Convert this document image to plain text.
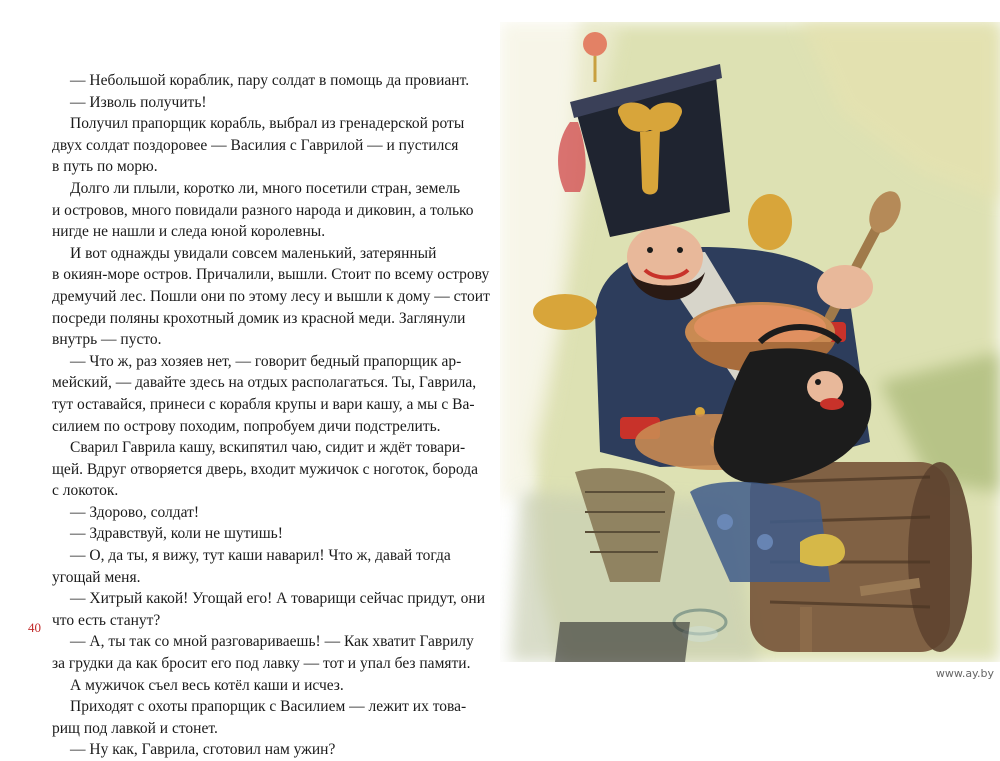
— Небольшой кораблик, пару солдат в помощь да провиант.

— Изволь получить!

Получил прапорщик корабль, выбрал из гренадерской роты

двух солдат поздоровее — Василия с Гаврилой — и пустился

в путь по морю.

Долго ли плыли, коротко ли, много посетили стран, земель

и островов, много повидали разного народа и диковин, а только

нигде не нашли и следа юной королевны.

И вот однажды увидали совсем маленький, затерянный

в окиян-море остров. Причалили, вышли. Стоит по всему острову

дремучий лес. Пошли они по этому лесу и вышли к дому — стоит

посреди поляны крохотный домик из красной меди. Заглянули

внутрь — пусто.

— Что ж, раз хозяев нет, — говорит бедный прапорщик ар-

мейский, — давайте здесь на отдых располагаться. Ты, Гаврила,

тут оставайся, принеси с корабля крупы и вари кашу, а мы с Ва-

силием по острову походим, попробуем дичи подстрелить.

Сварил Гаврила кашу, вскипятил чаю, сидит и ждёт товари-

щей. Вдруг отворяется дверь, входит мужичок с ноготок, борода

с локоток.

— Здорово, солдат!

— Здравствуй, коли не шутишь!

— О, да ты, я вижу, тут каши наварил! Что ж, давай тогда

угощай меня.

— Хитрый какой! Угощай его! А товарищи сейчас придут, они

что есть станут?

— А, ты так со мной разговариваешь! — Как хватит Гаврилу

за грудки да как бросит его под лавку — тот и упал без памяти.

А мужичок съел весь котёл каши и исчез.

Приходят с охоты прапорщик с Василием — лежит их това-

рищ под лавкой и стонет.

— Ну как, Гаврила, сготовил нам ужин?

40
www.ay.by
